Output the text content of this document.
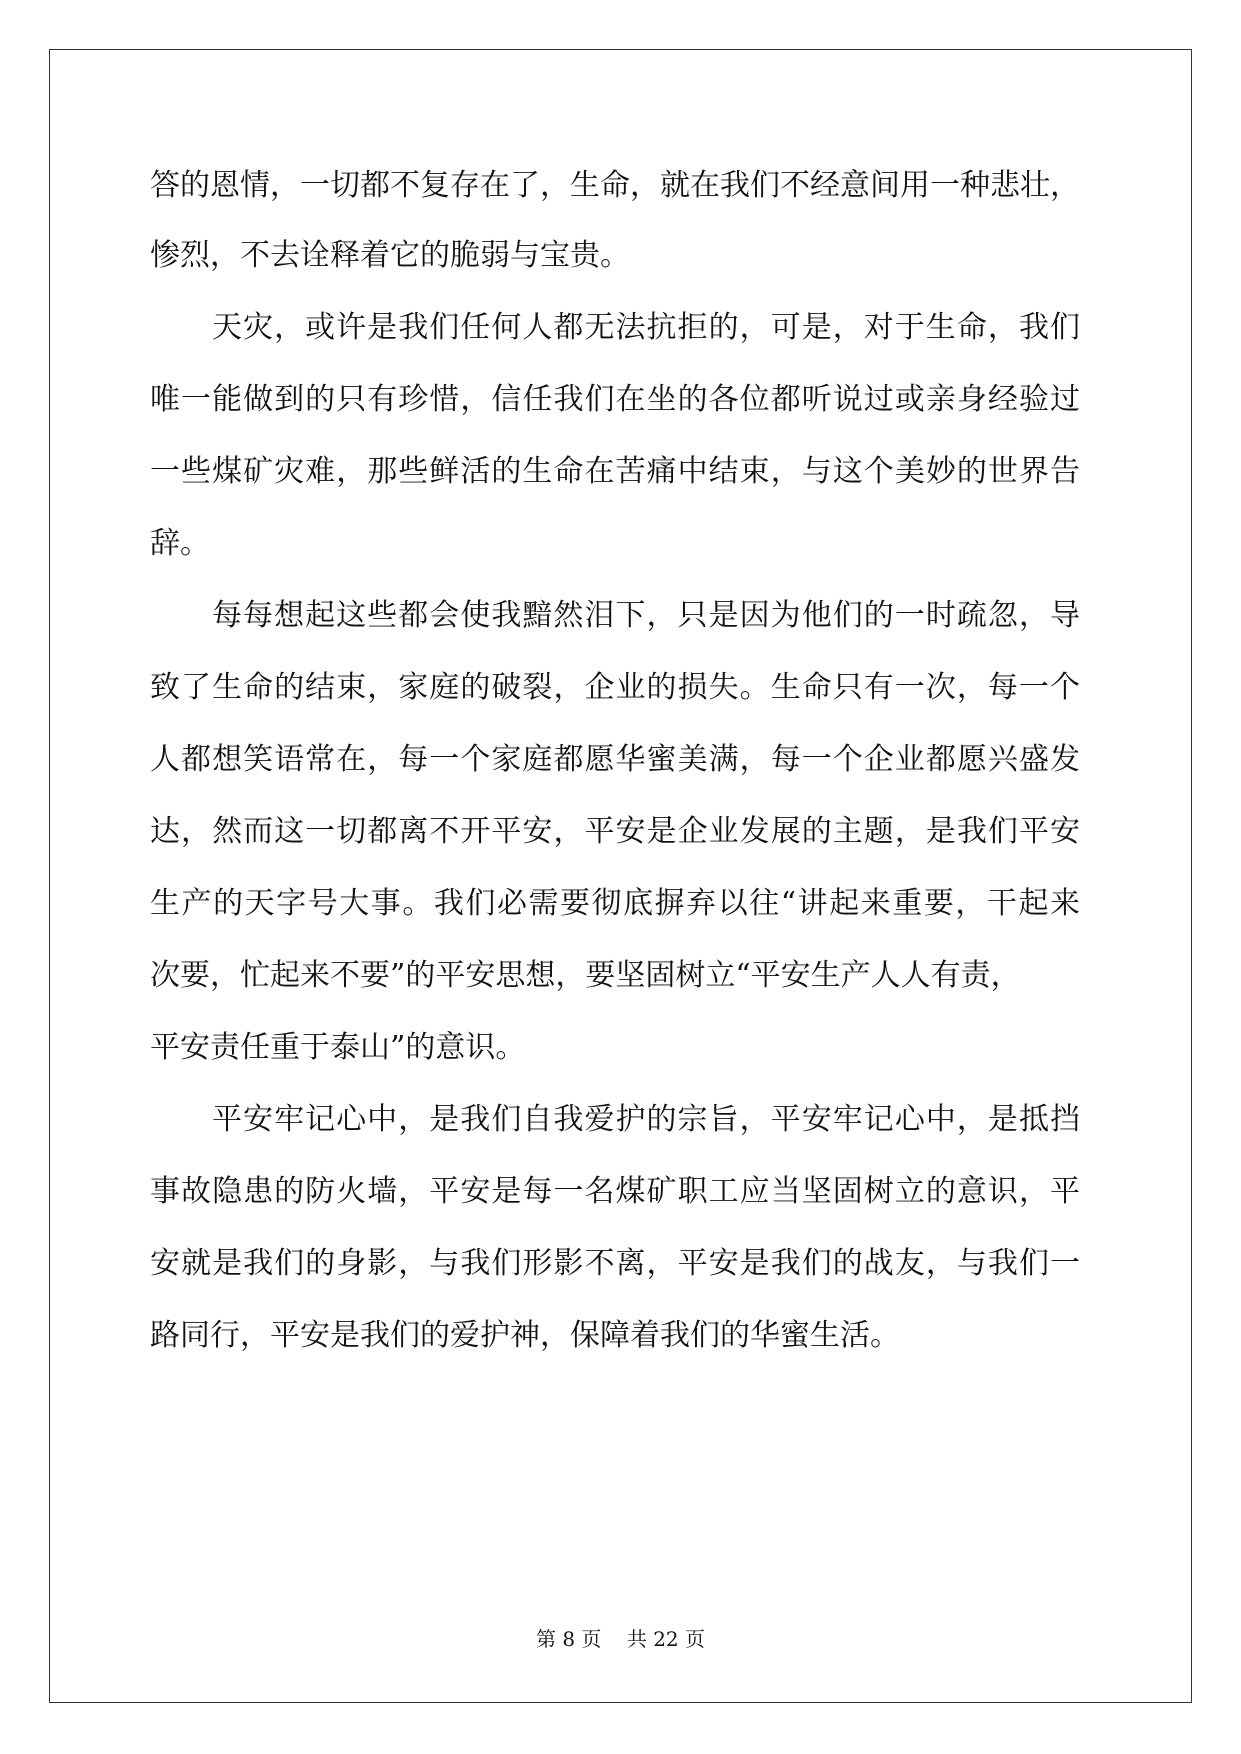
答的恩情，一切都不复存在了，生命，就在我们不经意间用一种悲壮，
惨烈，不去诠释着它的脆弱与宝贵。
天灾，或许是我们任何人都无法抗拒的，可是，对于生命，我们
唯一能做到的只有珍惜，信任我们在坐的各位都听说过或亲身经验过
一些煤矿灾难，那些鲜活的生命在苦痛中结束，与这个美妙的世界告
辞。
每每想起这些都会使我黯然泪下，只是因为他们的一时疏忽，导
致了生命的结束，家庭的破裂，企业的损失。生命只有一次，每一个
人都想笑语常在，每一个家庭都愿华蜜美满，每一个企业都愿兴盛发
达，然而这一切都离不开平安，平安是企业发展的主题，是我们平安
生产的天字号大事。我们必需要彻底摒弃以往“讲起来重要，干起来
次要，忙起来不要”的平安思想，要坚固树立“平安生产人人有责，
平安责任重于泰山”的意识。
平安牢记心中，是我们自我爱护的宗旨，平安牢记心中，是抵挡
事故隐患的防火墙，平安是每一名煤矿职工应当坚固树立的意识，平
安就是我们的身影，与我们形影不离，平安是我们的战友，与我们一
路同行，平安是我们的爱护神，保障着我们的华蜜生活。
第 8 页    共 22 页
